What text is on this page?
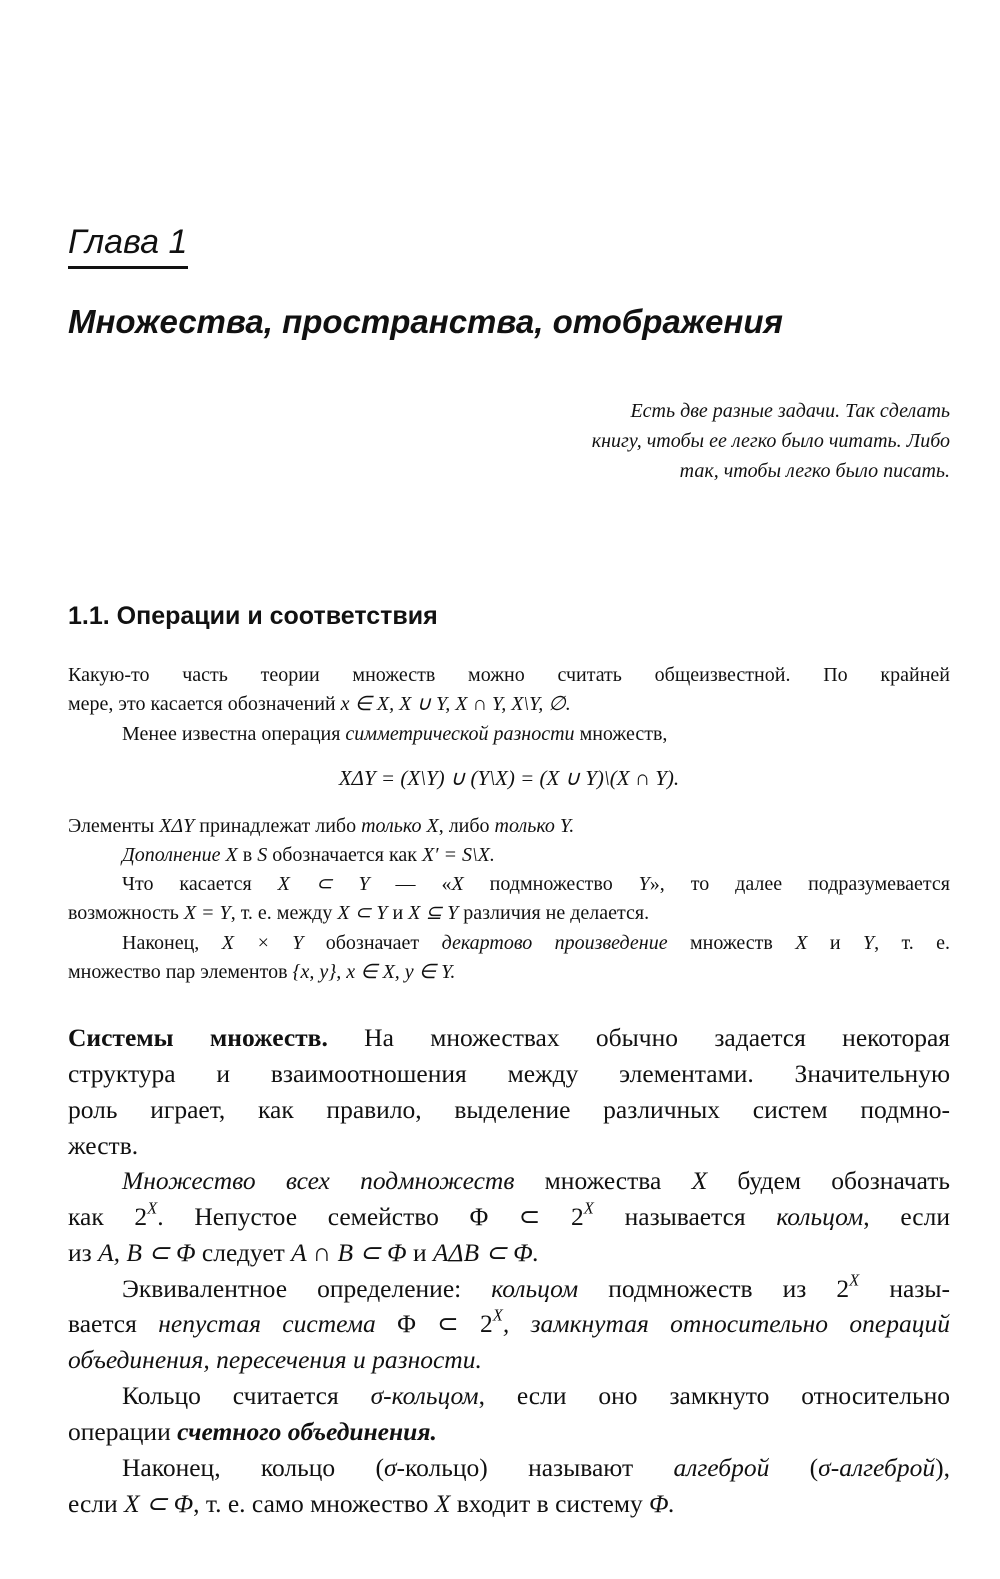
Глава 1
Множества, пространства, отображения
Есть две разные задачи. Так сделать
книгу, чтобы ее легко было читать. Либо
так, чтобы легко было писать.
1.1. Операции и соответствия

Какую-то часть теории множеств можно считать общеизвестной. По крайней

мере, это касается обозначений x ∈ X, X ∪ Y, X ∩ Y, X\Y, ∅.

Менее известна операция симметрической разности множеств,

XΔY = (X\Y) ∪ (Y\X) = (X ∪ Y)\(X ∩ Y).

Элементы XΔY принадлежат либо только X, либо только Y.

Дополнение X в S обозначается как X′ = S\X.

Что касается X ⊂ Y — «X подмножество Y», то далее подразумевается

возможность X = Y, т. е. между X ⊂ Y и X ⊆ Y различия не делается.

Наконец, X × Y обозначает декартово произведение множеств X и Y, т. е.

множество пар элементов {x, y}, x ∈ X, y ∈ Y.

Системы множеств. На множествах обычно задается некоторая

структура и взаимоотношения между элементами. Значительную

роль играет, как правило, выделение различных систем подмно-

жеств.

Множество всех подмножеств множества X будем обозначать

как $2^X$. Непустое семейство Φ ⊂ $2^X$ называется кольцом, если

из A, B ⊂ Φ следует A ∩ B ⊂ Φ и AΔB ⊂ Φ.

Эквивалентное определение: кольцом подмножеств из $2^X$ назы-

вается непустая система Φ ⊂ $2^X$, замкнутая относительно операций

объединения, пересечения и разности.

Кольцо считается σ-кольцом, если оно замкнуто относительно

операции счетного объединения.

Наконец, кольцо (σ-кольцо) называют алгеброй (σ-алгеброй),

если X ⊂ Φ, т. е. само множество X входит в систему Φ.
